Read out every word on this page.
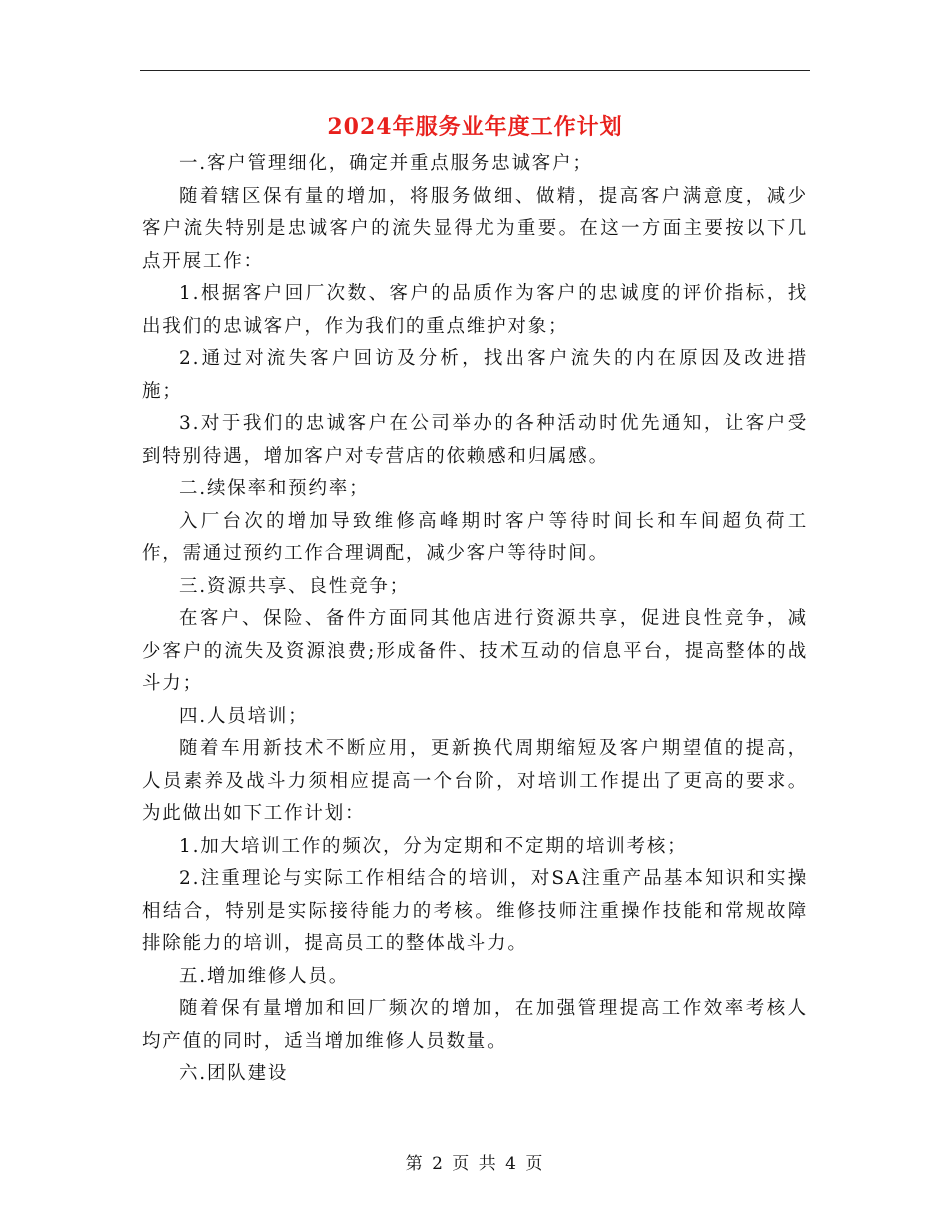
2024年服务业年度工作计划

一.客户管理细化，确定并重点服务忠诚客户；

随着辖区保有量的增加，将服务做细、做精，提高客户满意度，减少客户流失特别是忠诚客户的流失显得尤为重要。在这一方面主要按以下几点开展工作：

1.根据客户回厂次数、客户的品质作为客户的忠诚度的评价指标，找出我们的忠诚客户，作为我们的重点维护对象；

2.通过对流失客户回访及分析，找出客户流失的内在原因及改进措施；

3.对于我们的忠诚客户在公司举办的各种活动时优先通知，让客户受到特别待遇，增加客户对专营店的依赖感和归属感。

二.续保率和预约率；

入厂台次的增加导致维修高峰期时客户等待时间长和车间超负荷工作，需通过预约工作合理调配，减少客户等待时间。

三.资源共享、良性竞争；

在客户、保险、备件方面同其他店进行资源共享，促进良性竞争，减少客户的流失及资源浪费;形成备件、技术互动的信息平台，提高整体的战斗力；

四.人员培训；

随着车用新技术不断应用，更新换代周期缩短及客户期望值的提高，人员素养及战斗力须相应提高一个台阶，对培训工作提出了更高的要求。为此做出如下工作计划：

1.加大培训工作的频次，分为定期和不定期的培训考核；

2.注重理论与实际工作相结合的培训，对SA注重产品基本知识和实操相结合，特别是实际接待能力的考核。维修技师注重操作技能和常规故障排除能力的培训，提高员工的整体战斗力。

五.增加维修人员。

随着保有量增加和回厂频次的增加，在加强管理提高工作效率考核人均产值的同时，适当增加维修人员数量。

六.团队建设

第 2 页 共 4 页
